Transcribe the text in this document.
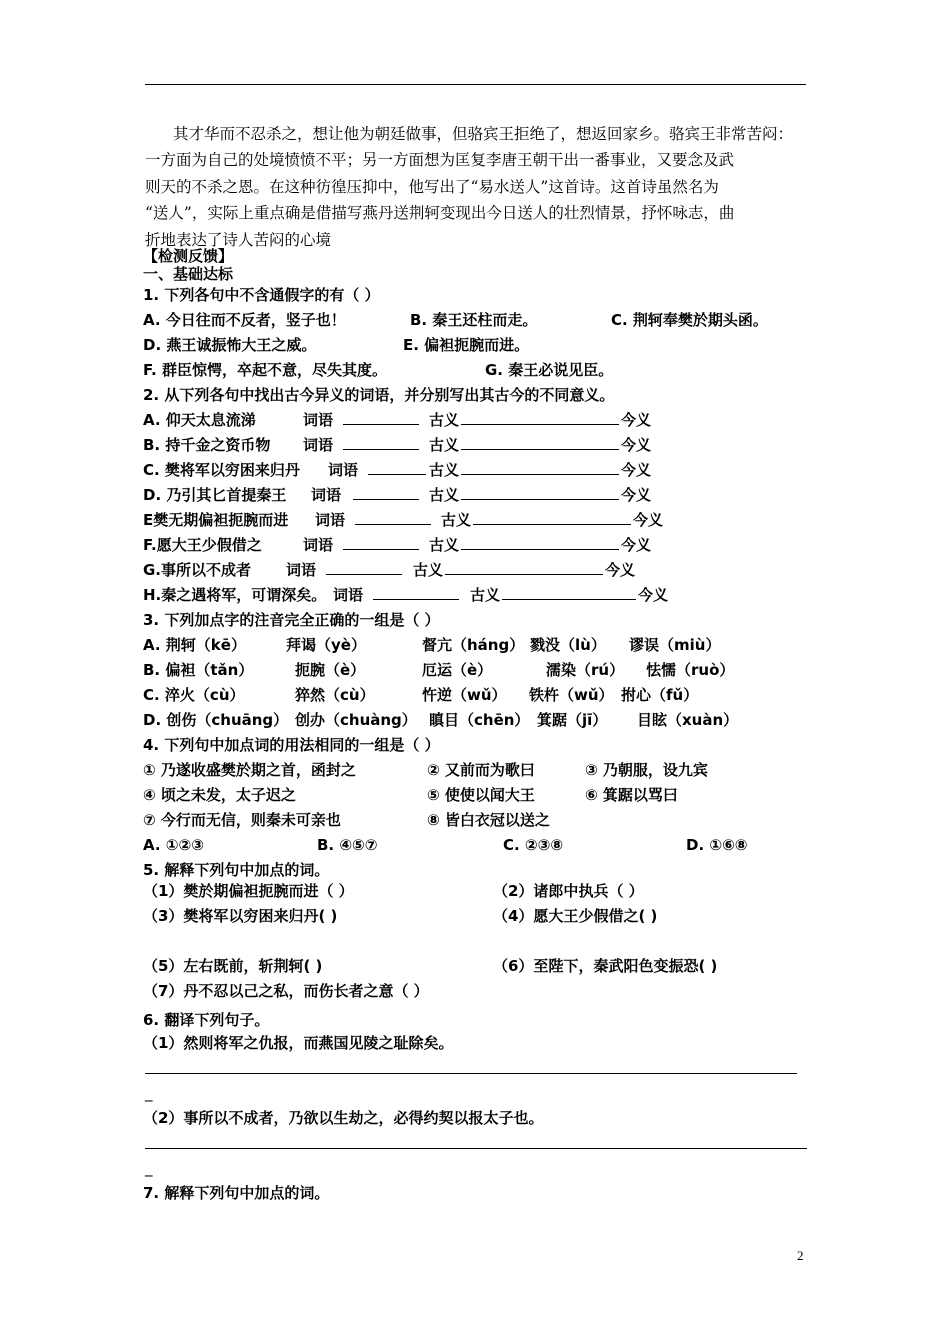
其才华而不忍杀之，想让他为朝廷做事，但骆宾王拒绝了，想返回家乡。骆宾王非常苦闷：

一方面为自己的处境愤愤不平；另一方面想为匡复李唐王朝干出一番事业，又要念及武

则天的不杀之恩。在这种彷徨压抑中，他写出了“易水送人”这首诗。这首诗虽然名为

“送人”，实际上重点确是借描写燕丹送荆轲变现出今日送人的壮烈情景，抒怀咏志，曲

折地表达了诗人苦闷的心境

【检测反馈】
一、基础达标
1. 下列各句中不含通假字的有（ ）
A. 今日往而不反者，竖子也！	B. 秦王还柱而走。	C. 荆轲奉樊於期头函。
D. 燕王诚振怖大王之威。	E. 偏袒扼腕而进。
F. 群臣惊愕，卒起不意，尽失其度。	G. 秦王必说见臣。
2. 从下列各句中找出古今异义的词语，并分别写出其古今的不同意义。
A. 仰天太息流涕	词语	古义	今义
B. 持千金之资币物 词语	古义	今义
C. 樊将军以穷困来归丹 词语	古义	今义
D. 乃引其匕首提秦王 词语	古义	今义
E樊无期偏袒扼腕而进 词语	古义	今义
F.愿大王少假借之	词语	古义	今义
G.事所以不成者 词语	古义	今义
H.秦之遇将军，可谓深矣。 词语	古义	今义
3. 下列加点字的注音完全正确的一组是（ ）
A. 荆轲（kē）	拜谒（yè）	督亢（háng） 戮没（lù） 谬误（miù）
B. 偏袒（tǎn）	扼腕（è）	厄运（è）	濡染（rú） 怯懦（ruò）
C. 淬火（cù）	猝然（cù）	忤逆（wǔ） 铁杵（wǔ） 拊心（fǔ）
D. 创伤（chuāng） 创办（chuàng） 瞋目（chēn） 箕踞（jī） 目眩（xuàn）
4. 下列句中加点词的用法相同的一组是（ ）
① 乃遂收盛樊於期之首，函封之	② 又前而为歌曰	③ 乃朝服，设九宾
④ 顷之未发，太子迟之	⑤ 使使以闻大王	⑥ 箕踞以骂曰
⑦ 今行而无信，则秦未可亲也	⑧ 皆白衣冠以送之
A. ①②③	B. ④⑤⑦	C. ②③⑧	D. ①⑥⑧
5. 解释下列句中加点的词。
（1）樊於期偏袒扼腕而进（ ）	（2）诸郎中执兵（ ）
（3）樊将军以穷困来归丹( )	（4）愿大王少假借之( )
（5）左右既前，斩荆轲( )	（6）至陛下，秦武阳色变振恐( )
（7）丹不忍以己之私，而伤长者之意（ ）
6. 翻译下列句子。
（1）然则将军之仇报，而燕国见陵之耻除矣。
_
（2）事所以不成者，乃欲以生劫之，必得约契以报太子也。
_
7. 解释下列句中加点的词。
2
